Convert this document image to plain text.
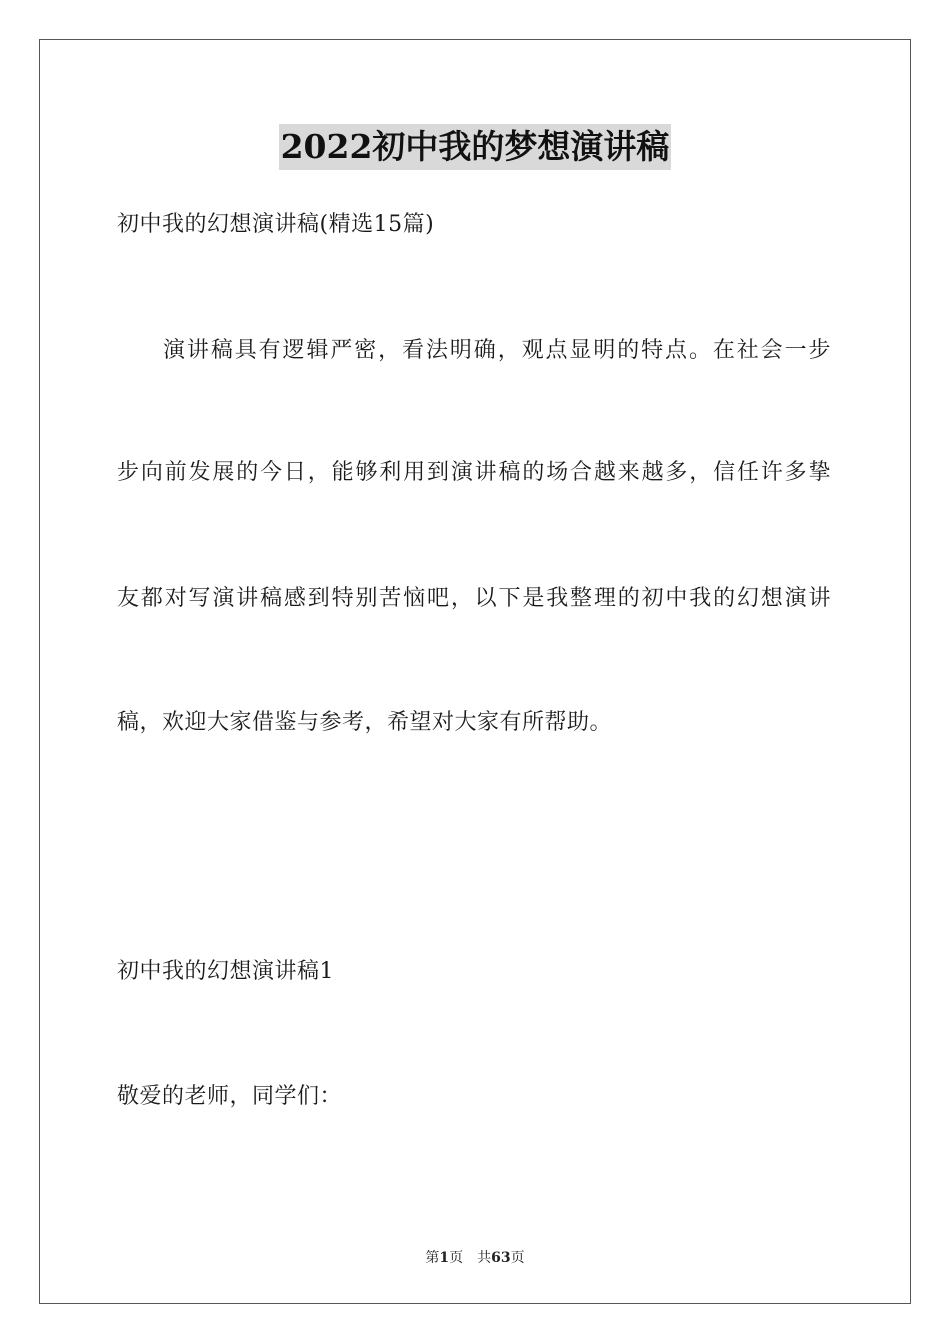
2022初中我的梦想演讲稿
初中我的幻想演讲稿(精选15篇)
演讲稿具有逻辑严密，看法明确，观点显明的特点。在社会一步
步向前发展的今日，能够利用到演讲稿的场合越来越多，信任许多挚
友都对写演讲稿感到特别苦恼吧，以下是我整理的初中我的幻想演讲
稿，欢迎大家借鉴与参考，希望对大家有所帮助。
初中我的幻想演讲稿1
敬爱的老师，同学们：
第1页 共63页
